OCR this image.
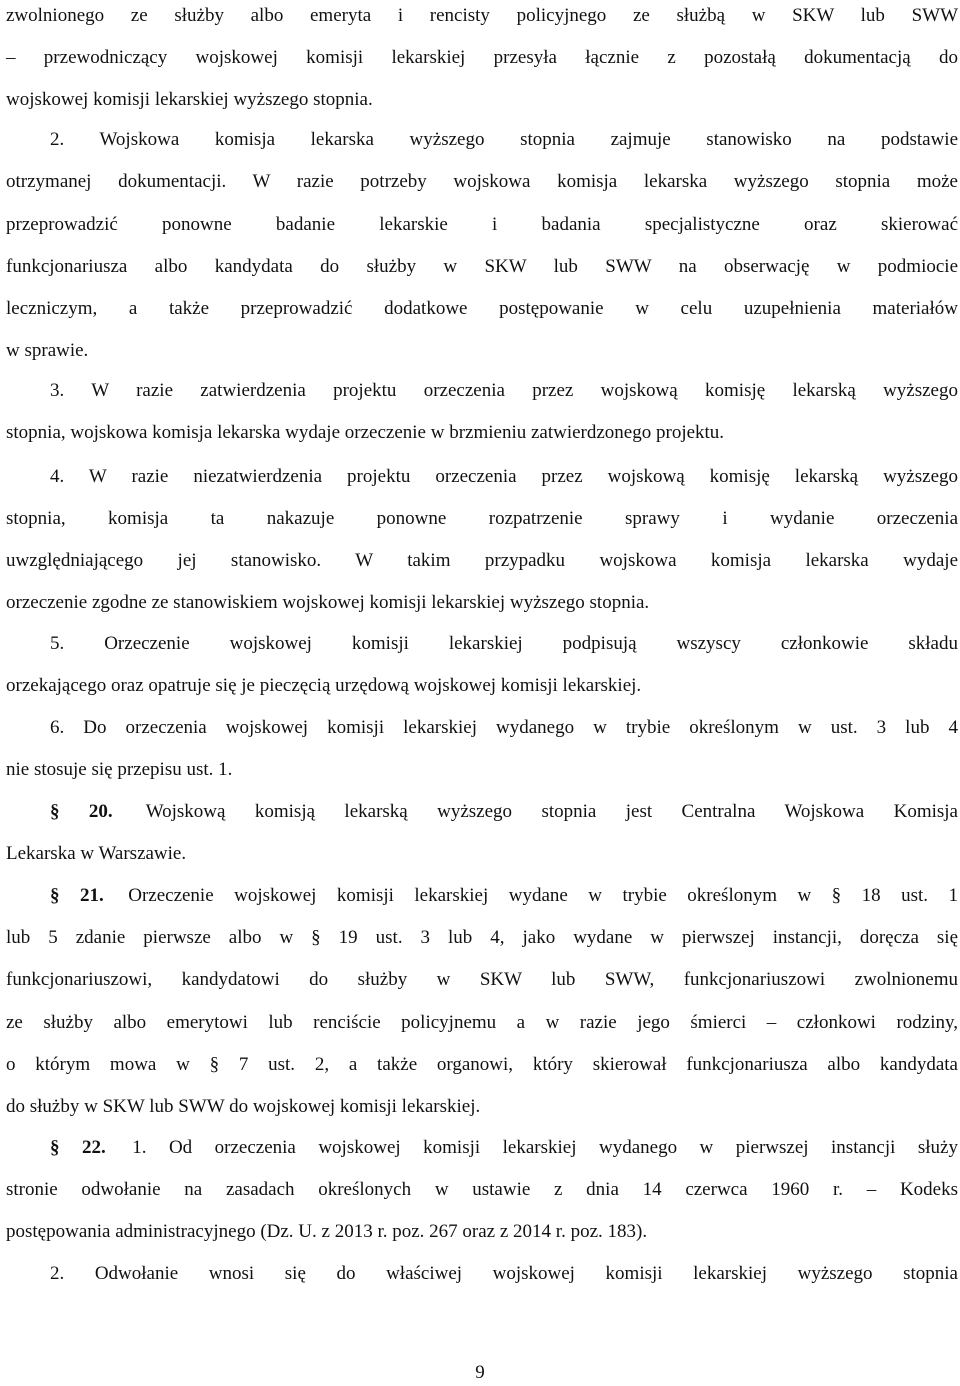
zwolnionego ze służby albo emeryta i rencisty policyjnego ze służbą w SKW lub SWW
– przewodniczący wojskowej komisji lekarskiej przesyła łącznie z pozostałą dokumentacją do
wojskowej komisji lekarskiej wyższego stopnia.
2. Wojskowa komisja lekarska wyższego stopnia zajmuje stanowisko na podstawie
otrzymanej dokumentacji. W razie potrzeby wojskowa komisja lekarska wyższego stopnia może
przeprowadzić ponowne badanie lekarskie i badania specjalistyczne oraz skierować
funkcjonariusza albo kandydata do służby w SKW lub SWW na obserwację w podmiocie
leczniczym, a także przeprowadzić dodatkowe postępowanie w celu uzupełnienia materiałów
w sprawie.
3. W razie zatwierdzenia projektu orzeczenia przez wojskową komisję lekarską wyższego
stopnia, wojskowa komisja lekarska wydaje orzeczenie w brzmieniu zatwierdzonego projektu.
4. W razie niezatwierdzenia projektu orzeczenia przez wojskową komisję lekarską wyższego
stopnia, komisja ta nakazuje ponowne rozpatrzenie sprawy i wydanie orzeczenia
uwzględniającego jej stanowisko. W takim przypadku wojskowa komisja lekarska wydaje
orzeczenie zgodne ze stanowiskiem wojskowej komisji lekarskiej wyższego stopnia.
5. Orzeczenie wojskowej komisji lekarskiej podpisują wszyscy członkowie składu
orzekającego oraz opatruje się je pieczęcią urzędową wojskowej komisji lekarskiej.
6. Do orzeczenia wojskowej komisji lekarskiej wydanego w trybie określonym w ust. 3 lub 4
nie stosuje się przepisu ust. 1.
§ 20. Wojskową komisją lekarską wyższego stopnia jest Centralna Wojskowa Komisja
Lekarska w Warszawie.
§ 21. Orzeczenie wojskowej komisji lekarskiej wydane w trybie określonym w § 18 ust. 1
lub 5 zdanie pierwsze albo w § 19 ust. 3 lub 4, jako wydane w pierwszej instancji, doręcza się
funkcjonariuszowi, kandydatowi do służby w SKW lub SWW, funkcjonariuszowi zwolnionemu
ze służby albo emerytowi lub renciście policyjnemu a w razie jego śmierci – członkowi rodziny,
o którym mowa w § 7 ust. 2, a także organowi, który skierował funkcjonariusza albo kandydata
do służby w SKW lub SWW do wojskowej komisji lekarskiej.
§ 22. 1. Od orzeczenia wojskowej komisji lekarskiej wydanego w pierwszej instancji służy
stronie odwołanie na zasadach określonych w ustawie z dnia 14 czerwca 1960 r. – Kodeks
postępowania administracyjnego (Dz. U. z 2013 r. poz. 267 oraz z 2014 r. poz. 183).
2. Odwołanie wnosi się do właściwej wojskowej komisji lekarskiej wyższego stopnia
9
